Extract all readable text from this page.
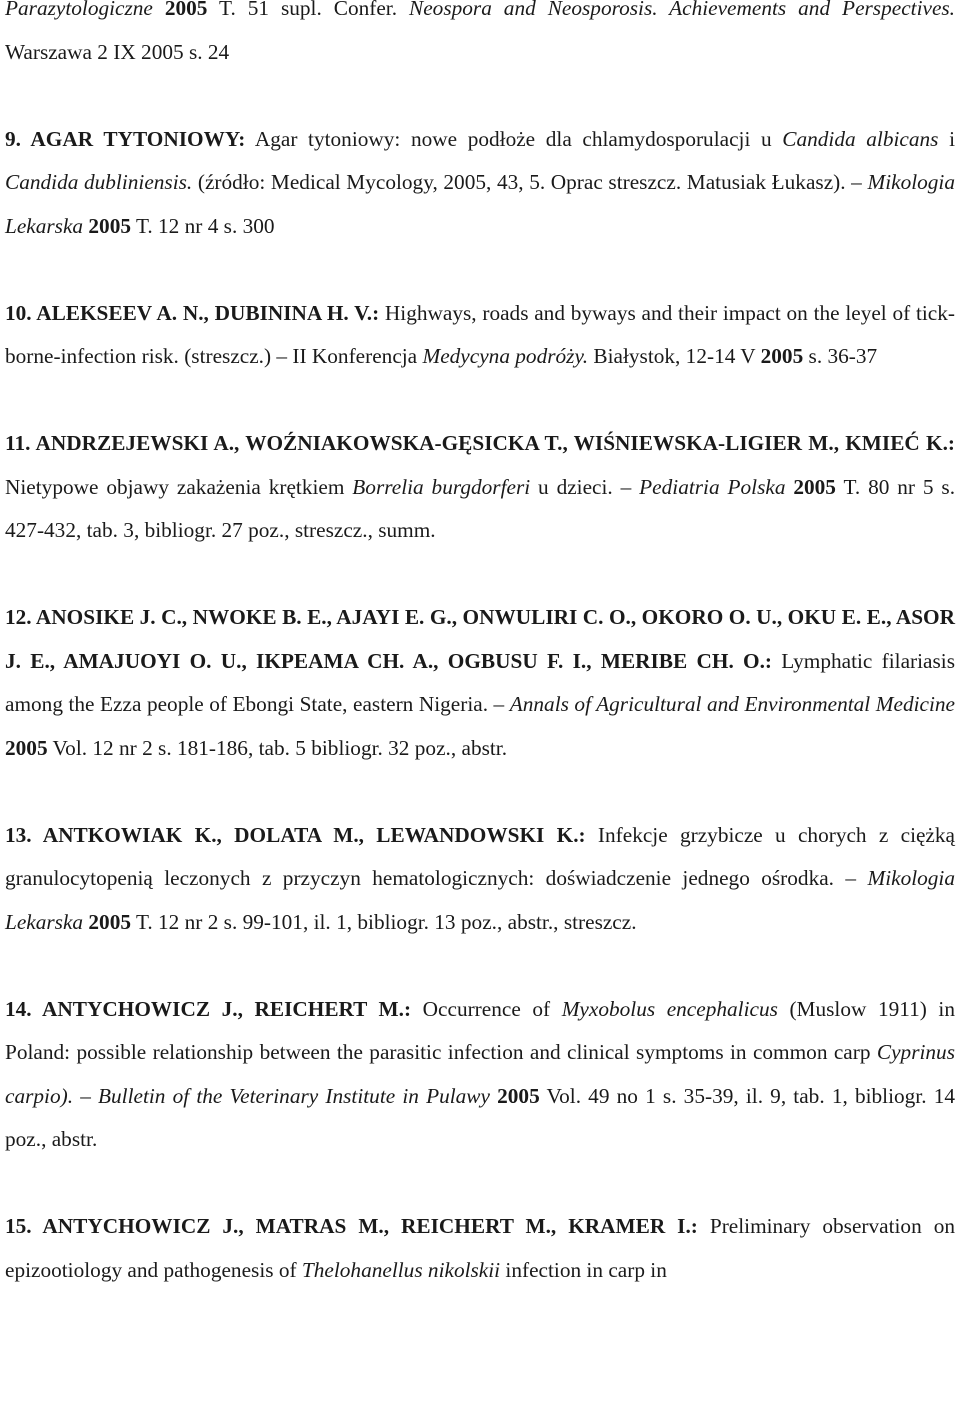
Parazytologiczne 2005 T. 51 supl. Confer. Neospora and Neosporosis. Achievements and Perspectives. Warszawa 2 IX 2005 s. 24

9. AGAR TYTONIOWY: Agar tytoniowy: nowe podłoże dla chlamydosporulacji u Candida albicans i Candida dubliniensis. (źródło: Medical Mycology, 2005, 43, 5. Oprac streszcz. Matusiak Łukasz). – Mikologia Lekarska 2005 T. 12 nr 4 s. 300

10. ALEKSEEV A. N., DUBININA H. V.: Highways, roads and byways and their impact on the leyel of tick-borne-infection risk. (streszcz.) – II Konferencja Medycyna podróży. Białystok, 12-14 V 2005 s. 36-37

11. ANDRZEJEWSKI A., WOŹNIAKOWSKA-GĘSICKA T., WIŚNIEWSKA-LIGIER M., KMIEĆ K.: Nietypowe objawy zakażenia krętkiem Borrelia burgdorferi u dzieci. – Pediatria Polska 2005 T. 80 nr 5 s. 427-432, tab. 3, bibliogr. 27 poz., streszcz., summ.

12. ANOSIKE J. C., NWOKE B. E., AJAYI E. G., ONWULIRI C. O., OKORO O. U., OKU E. E., ASOR J. E., AMAJUOYI O. U., IKPEAMA CH. A., OGBUSU F. I., MERIBE CH. O.: Lymphatic filariasis among the Ezza people of Ebongi State, eastern Nigeria. – Annals of Agricultural and Environmental Medicine 2005 Vol. 12 nr 2 s. 181-186, tab. 5 bibliogr. 32 poz., abstr.

13. ANTKOWIAK K., DOLATA M., LEWANDOWSKI K.: Infekcje grzybicze u chorych z ciężką granulocytopenią leczonych z przyczyn hematologicznych: doświadczenie jednego ośrodka. – Mikologia Lekarska 2005 T. 12 nr 2 s. 99-101, il. 1, bibliogr. 13 poz., abstr., streszcz.

14. ANTYCHOWICZ J., REICHERT M.: Occurrence of Myxobolus encephalicus (Muslow 1911) in Poland: possible relationship between the parasitic infection and clinical symptoms in common carp Cyprinus carpio). – Bulletin of the Veterinary Institute in Pulawy 2005 Vol. 49 no 1 s. 35-39, il. 9, tab. 1, bibliogr. 14 poz., abstr.

15. ANTYCHOWICZ J., MATRAS M., REICHERT M., KRAMER I.: Preliminary observation on epizootiology and pathogenesis of Thelohanellus nikolskii infection in carp in
